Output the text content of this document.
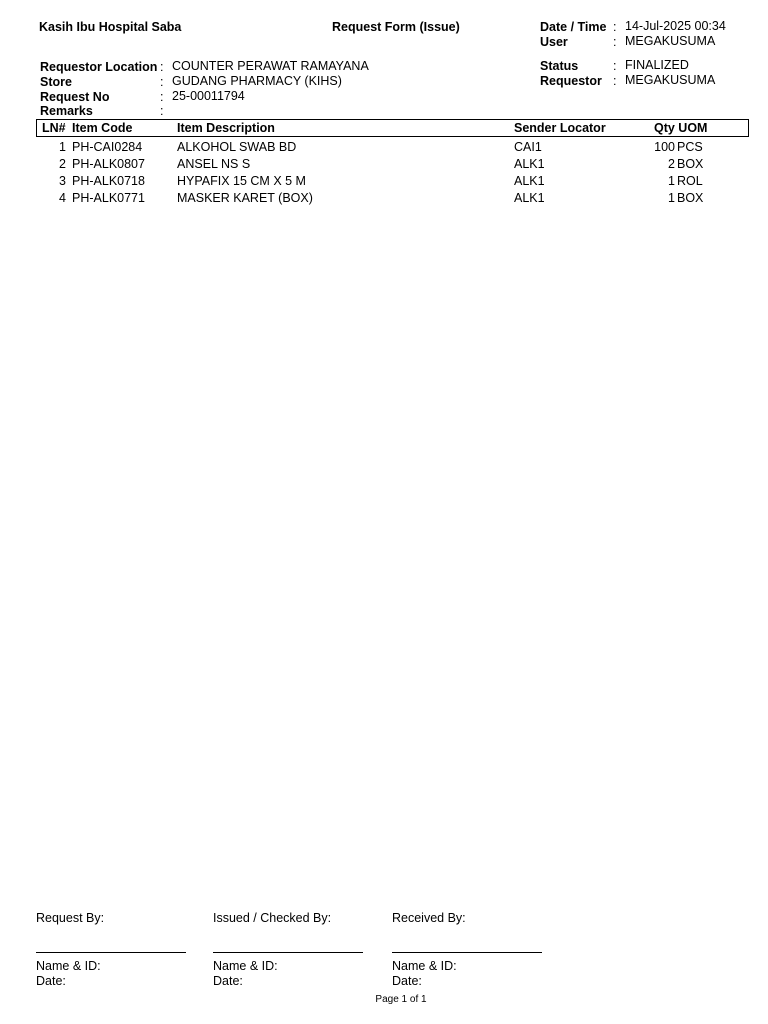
Kasih Ibu Hospital Saba	Request Form (Issue)	Date / Time : 14-Jul-2025 00:34
User	: MEGAKUSUMA
Requestor Location : COUNTER PERAWAT RAMAYANA
Store	: GUDANG PHARMACY (KIHS)
Request No	: 25-00011794
Remarks	:
Status	: FINALIZED
Requestor : MEGAKUSUMA
LN# Item Code	Item Description	Sender Locator	Qty UOM
1 PH-CAI0284	ALKOHOL SWAB BD	CAI1	100 PCS
2 PH-ALK0807	ANSEL NS S	ALK1	2 BOX
3 PH-ALK0718	HYPAFIX 15 CM X 5 M	ALK1	1 ROL
4 PH-ALK0771	MASKER KARET (BOX)	ALK1	1 BOX
Request By:	Issued / Checked By:	Received By:
Name & ID:	Name & ID:	Name & ID:
Date:	Date:	Date:
Page 1 of 1
